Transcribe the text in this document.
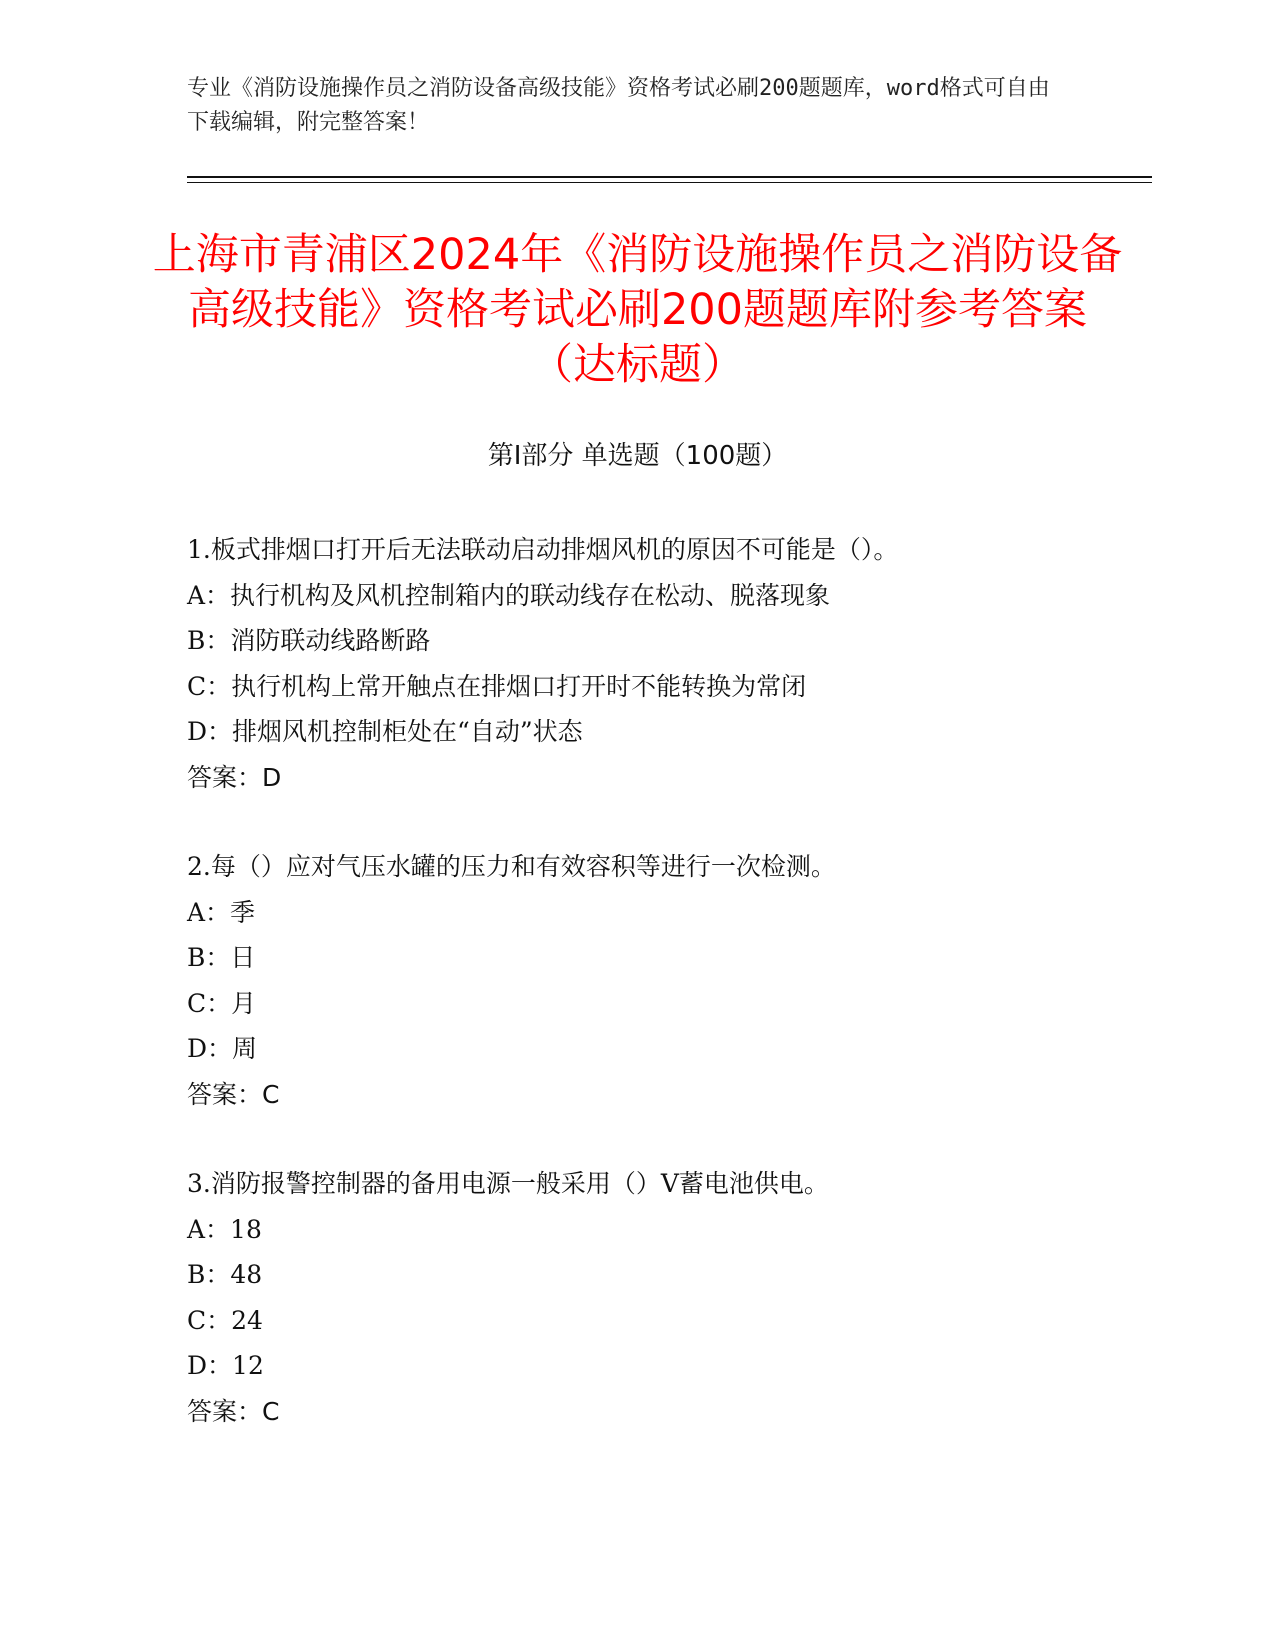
专业《消防设施操作员之消防设备高级技能》资格考试必刷200题题库，word格式可自由下载编辑，附完整答案！
上海市青浦区2024年《消防设施操作员之消防设备高级技能》资格考试必刷200题题库附参考答案（达标题）
第Ⅰ部分 单选题（100题）
1.板式排烟口打开后无法联动启动排烟风机的原因不可能是（）。
A：执行机构及风机控制箱内的联动线存在松动、脱落现象
B：消防联动线路断路
C：执行机构上常开触点在排烟口打开时不能转换为常闭
D：排烟风机控制柜处在“自动”状态
答案：D
2.每（）应对气压水罐的压力和有效容积等进行一次检测。
A：季
B：日
C：月
D：周
答案：C
3.消防报警控制器的备用电源一般采用（）V蓄电池供电。
A：18
B：48
C：24
D：12
答案：C
